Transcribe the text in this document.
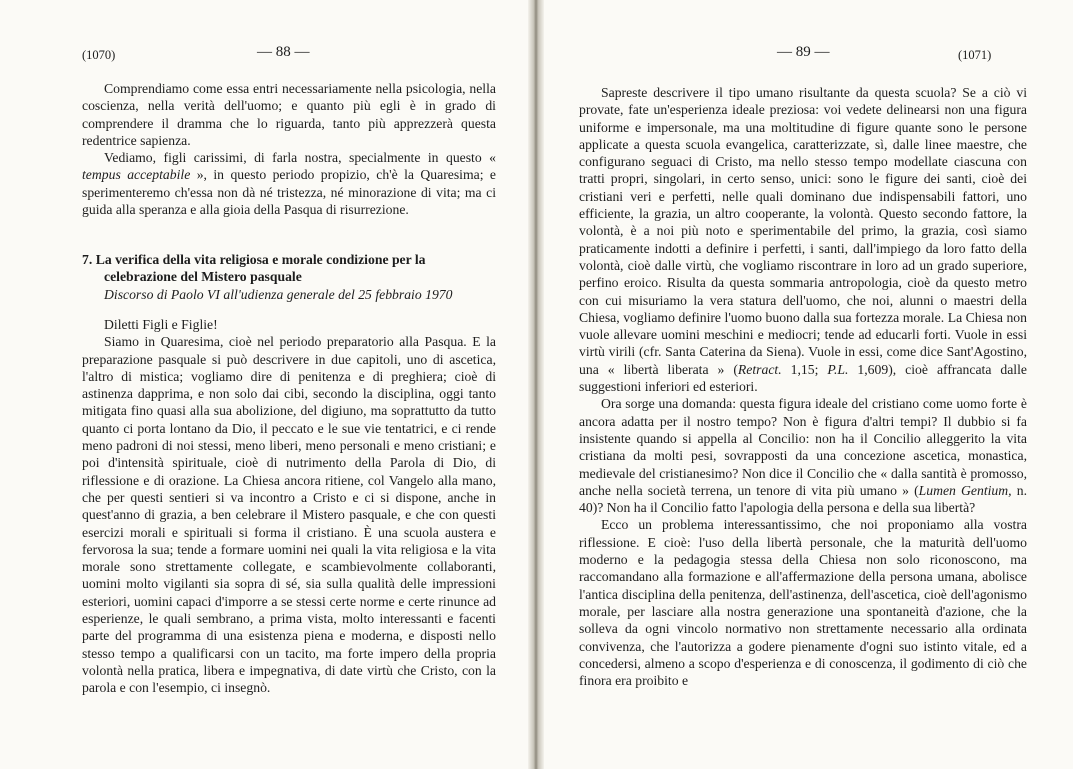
(1070)	— 88 —

Comprendiamo come essa entri necessariamente nella psicologia, nella coscienza, nella verità dell'uomo; e quanto più egli è in grado di comprendere il dramma che lo riguarda, tanto più apprezzerà questa redentrice sapienza.

Vediamo, figli carissimi, di farla nostra, specialmente in questo « tempus acceptabile », in questo periodo propizio, ch'è la Quaresima; e sperimenteremo ch'essa non dà né tristezza, né minorazione di vita; ma ci guida alla speranza e alla gioia della Pasqua di risurrezione.

7. La verifica della vita religiosa e morale condizione per la celebrazione del Mistero pasquale

Discorso di Paolo VI all'udienza generale del 25 febbraio 1970

Diletti Figli e Figlie!

Siamo in Quaresima, cioè nel periodo preparatorio alla Pasqua. E la preparazione pasquale si può descrivere in due capitoli, uno di ascetica, l'altro di mistica; vogliamo dire di penitenza e di preghiera; cioè di astinenza dapprima, e non solo dai cibi, secondo la disciplina, oggi tanto mitigata fino quasi alla sua abolizione, del digiuno, ma soprattutto da tutto quanto ci porta lontano da Dio, il peccato e le sue vie tentatrici, e ci rende meno padroni di noi stessi, meno liberi, meno personali e meno cristiani; e poi d'intensità spirituale, cioè di nutrimento della Parola di Dio, di riflessione e di orazione. La Chiesa ancora ritiene, col Vangelo alla mano, che per questi sentieri si va incontro a Cristo e ci si dispone, anche in quest'anno di grazia, a ben celebrare il Mistero pasquale, e che con questi esercizi morali e spirituali si forma il cristiano. È una scuola austera e fervorosa la sua; tende a formare uomini nei quali la vita religiosa e la vita morale sono strettamente collegate, e scambievolmente collaboranti, uomini molto vigilanti sia sopra di sé, sia sulla qualità delle impressioni esteriori, uomini capaci d'imporre a se stessi certe norme e certe rinunce ad esperienze, le quali sembrano, a prima vista, molto interessanti e facenti parte del programma di una esistenza piena e moderna, e disposti nello stesso tempo a qualificarsi con un tacito, ma forte impero della propria volontà nella pratica, libera e impegnativa, di date virtù che Cristo, con la parola e con l'esempio, ci insegnò.

— 89 —	(1071)

Sapreste descrivere il tipo umano risultante da questa scuola? Se a ciò vi provate, fate un'esperienza ideale preziosa: voi vedete delinearsi non una figura uniforme e impersonale, ma una moltitudine di figure quante sono le persone applicate a questa scuola evangelica, caratterizzate, sì, dalle linee maestre, che configurano seguaci di Cristo, ma nello stesso tempo modellate ciascuna con tratti propri, singolari, in certo senso, unici: sono le figure dei santi, cioè dei cristiani veri e perfetti, nelle quali dominano due indispensabili fattori, uno efficiente, la grazia, un altro cooperante, la volontà. Questo secondo fattore, la volontà, è a noi più noto e sperimentabile del primo, la grazia, così siamo praticamente indotti a definire i perfetti, i santi, dall'impiego da loro fatto della volontà, cioè dalle virtù, che vogliamo riscontrare in loro ad un grado superiore, perfino eroico. Risulta da questa sommaria antropologia, cioè da questo metro con cui misuriamo la vera statura dell'uomo, che noi, alunni o maestri della Chiesa, vogliamo definire l'uomo buono dalla sua fortezza morale. La Chiesa non vuole allevare uomini meschini e mediocri; tende ad educarli forti. Vuole in essi virtù virili (cfr. Santa Caterina da Siena). Vuole in essi, come dice Sant'Agostino, una « libertà liberata » (Retract. 1,15; P.L. 1,609), cioè affrancata dalle suggestioni inferiori ed esteriori.

Ora sorge una domanda: questa figura ideale del cristiano come uomo forte è ancora adatta per il nostro tempo? Non è figura d'altri tempi? Il dubbio si fa insistente quando si appella al Concilio: non ha il Concilio alleggerito la vita cristiana da molti pesi, sovrapposti da una concezione ascetica, monastica, medievale del cristianesimo? Non dice il Concilio che « dalla santità è promosso, anche nella società terrena, un tenore di vita più umano » (Lumen Gentium, n. 40)? Non ha il Concilio fatto l'apologia della persona e della sua libertà?

Ecco un problema interessantissimo, che noi proponiamo alla vostra riflessione. E cioè: l'uso della libertà personale, che la maturità dell'uomo moderno e la pedagogia stessa della Chiesa non solo riconoscono, ma raccomandano alla formazione e all'affermazione della persona umana, abolisce l'antica disciplina della penitenza, dell'astinenza, dell'ascetica, cioè dell'agonismo morale, per lasciare alla nostra generazione una spontaneità d'azione, che la solleva da ogni vincolo normativo non strettamente necessario alla ordinata convivenza, che l'autorizza a godere pienamente d'ogni suo istinto vitale, ed a concedersi, almeno a scopo d'esperienza e di conoscenza, il godimento di ciò che finora era proibito e
